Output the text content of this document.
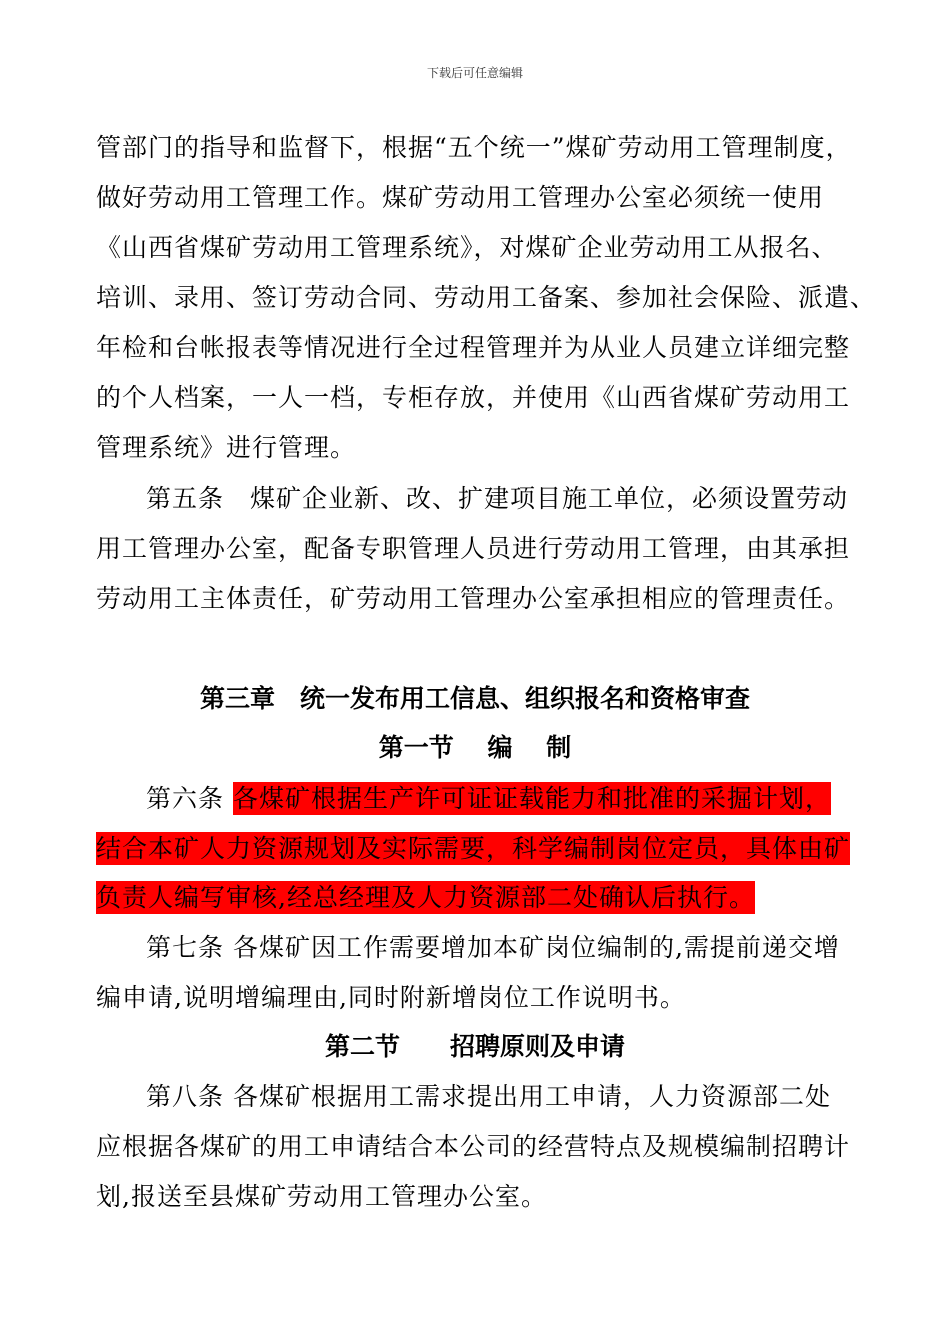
下载后可任意编辑
管部门的指导和监督下，根据“五个统一”煤矿劳动用工管理制度，
做好劳动用工管理工作。煤矿劳动用工管理办公室必须统一使用
《山西省煤矿劳动用工管理系统》，对煤矿企业劳动用工从报名、
培训、录用、签订劳动合同、劳动用工备案、参加社会保险、派遣、
年检和台帐报表等情况进行全过程管理并为从业人员建立详细完整
的个人档案，一人一档，专柜存放，并使用《山西省煤矿劳动用工
管理系统》进行管理。
第五条　煤矿企业新、改、扩建项目施工单位，必须设置劳动
用工管理办公室，配备专职管理人员进行劳动用工管理，由其承担
劳动用工主体责任，矿劳动用工管理办公室承担相应的管理责任。
第三章　统一发布用工信息、组织报名和资格审查
第一节　 编　 制
第六条 各煤矿根据生产许可证证载能力和批准的采掘计划，
结合本矿人力资源规划及实际需要，科学编制岗位定员，具体由矿
负责人编写审核,经总经理及人力资源部二处确认后执行。
第七条 各煤矿因工作需要增加本矿岗位编制的,需提前递交增
编申请,说明增编理由,同时附新增岗位工作说明书。
第二节　　招聘原则及申请
第八条 各煤矿根据用工需求提出用工申请，人力资源部二处
应根据各煤矿的用工申请结合本公司的经营特点及规模编制招聘计
划,报送至县煤矿劳动用工管理办公室。
